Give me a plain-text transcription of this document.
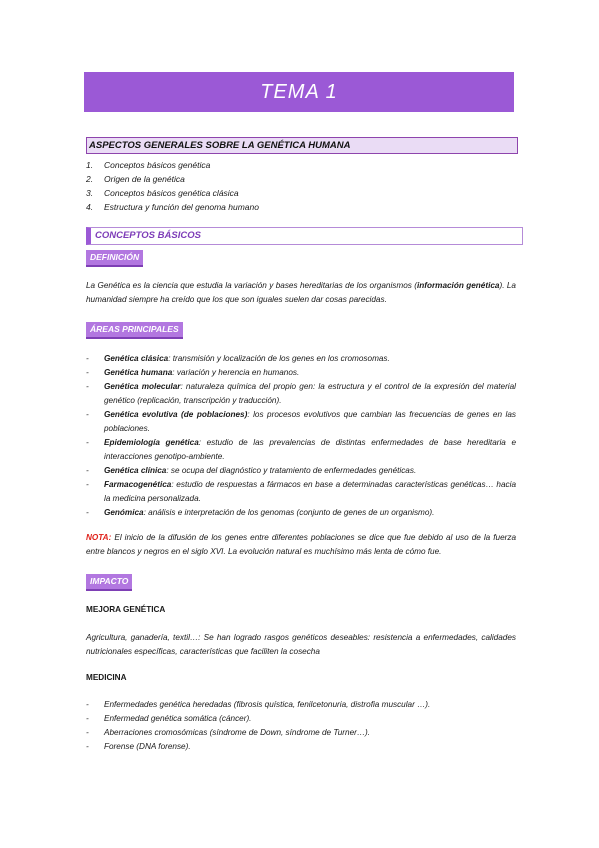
TEMA 1
ASPECTOS GENERALES SOBRE LA GENÉTICA HUMANA
1.	Conceptos básicos genética
2.	Origen de la genética
3.	Conceptos básicos genética clásica
4.	Estructura y función del genoma humano
CONCEPTOS BÁSICOS
DEFINICIÓN

La Genética es la ciencia que estudia la variación y bases hereditarias de los organismos (información genética). La humanidad siempre ha creído que los que son iguales suelen dar cosas parecidas.

ÁREAS PRINCIPALES
-	Genética clásica: transmisión y localización de los genes en los cromosomas.
-	Genética humana: variación y herencia en humanos.
-	Genética molecular: naturaleza química del propio gen: la estructura y el control de la expresión del material genético (replicación, transcripción y traducción).
-	Genética evolutiva (de poblaciones): los procesos evolutivos que cambian las frecuencias de genes en las poblaciones.
-	Epidemiología genética: estudio de las prevalencias de distintas enfermedades de base hereditaria e interacciones genotipo-ambiente.
-	Genética clínica: se ocupa del diagnóstico y tratamiento de enfermedades genéticas.
-	Farmacogenética: estudio de respuestas a fármacos en base a determinadas características genéticas… hacia la medicina personalizada.
-	Genómica: análisis e interpretación de los genomas (conjunto de genes de un organismo).

NOTA: El inicio de la difusión de los genes entre diferentes poblaciones se dice que fue debido al uso de la fuerza entre blancos y negros en el siglo XVI. La evolución natural es muchísimo más lenta de cómo fue.

IMPACTO

MEJORA GENÉTICA

Agricultura, ganadería, textil…: Se han logrado rasgos genéticos deseables: resistencia a enfermedades, calidades nutricionales específicas, características que faciliten la cosecha

MEDICINA

-	Enfermedades genética heredadas (fibrosis quística, fenilcetonuria, distrofia muscular …).
-	Enfermedad genética somática (cáncer).
-	Aberraciones cromosómicas (síndrome de Down, síndrome de Turner…).
-	Forense (DNA forense).
